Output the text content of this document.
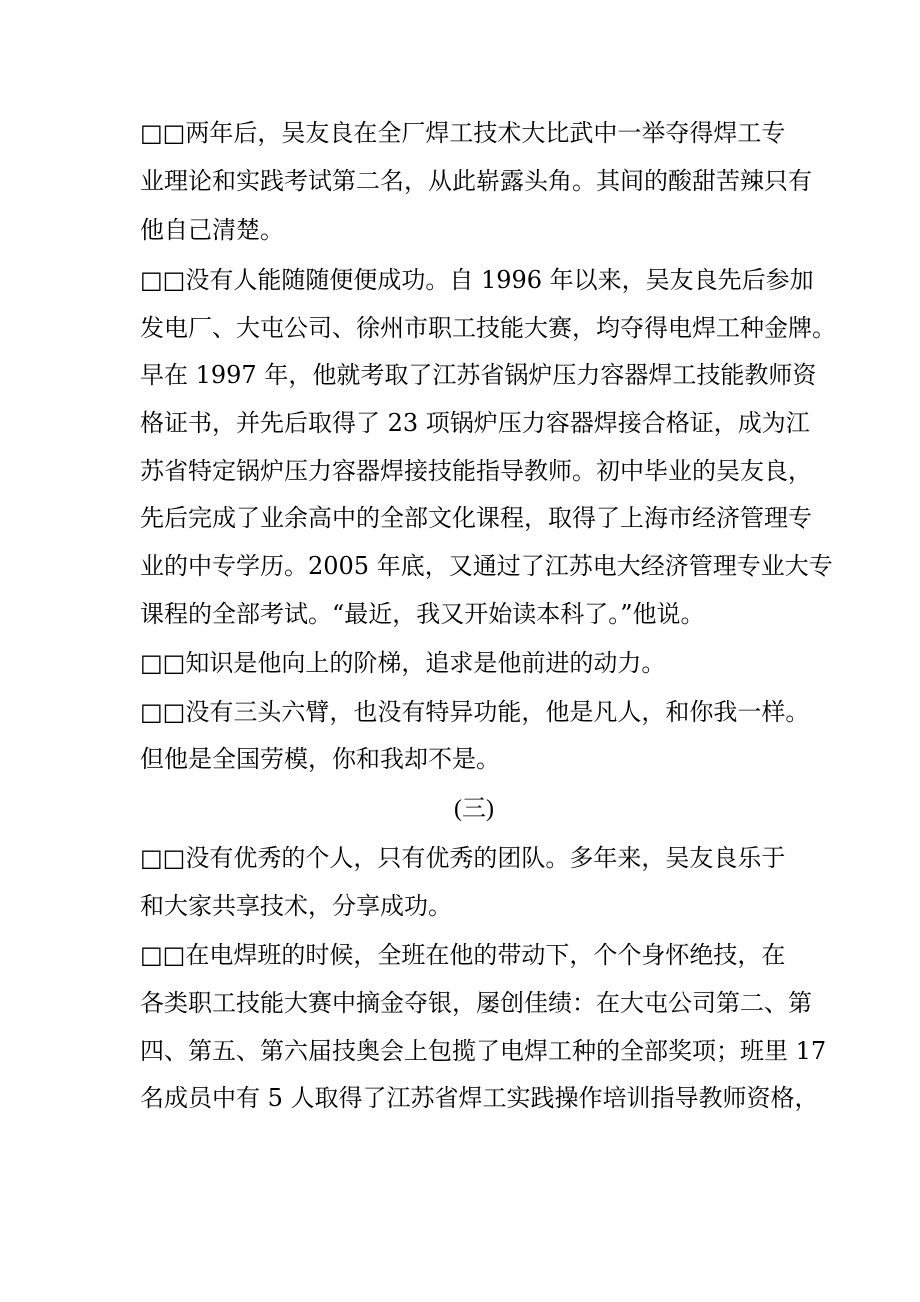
□□两年后，吴友良在全厂焊工技术大比武中一举夺得焊工专
业理论和实践考试第二名，从此崭露头角。其间的酸甜苦辣只有
他自己清楚。
□□没有人能随随便便成功。自 1996 年以来，吴友良先后参加
发电厂、大屯公司、徐州市职工技能大赛，均夺得电焊工种金牌。
早在 1997 年，他就考取了江苏省锅炉压力容器焊工技能教师资
格证书，并先后取得了 23 项锅炉压力容器焊接合格证，成为江
苏省特定锅炉压力容器焊接技能指导教师。初中毕业的吴友良，
先后完成了业余高中的全部文化课程，取得了上海市经济管理专
业的中专学历。2005 年底，又通过了江苏电大经济管理专业大专
课程的全部考试。“最近，我又开始读本科了。”他说。
□□知识是他向上的阶梯，追求是他前进的动力。
□□没有三头六臂，也没有特异功能，他是凡人，和你我一样。
但他是全国劳模，你和我却不是。
(三)
□□没有优秀的个人，只有优秀的团队。多年来，吴友良乐于
和大家共享技术，分享成功。
□□在电焊班的时候，全班在他的带动下，个个身怀绝技，在
各类职工技能大赛中摘金夺银，屡创佳绩：在大屯公司第二、第
四、第五、第六届技奥会上包揽了电焊工种的全部奖项；班里 17
名成员中有 5 人取得了江苏省焊工实践操作培训指导教师资格，
